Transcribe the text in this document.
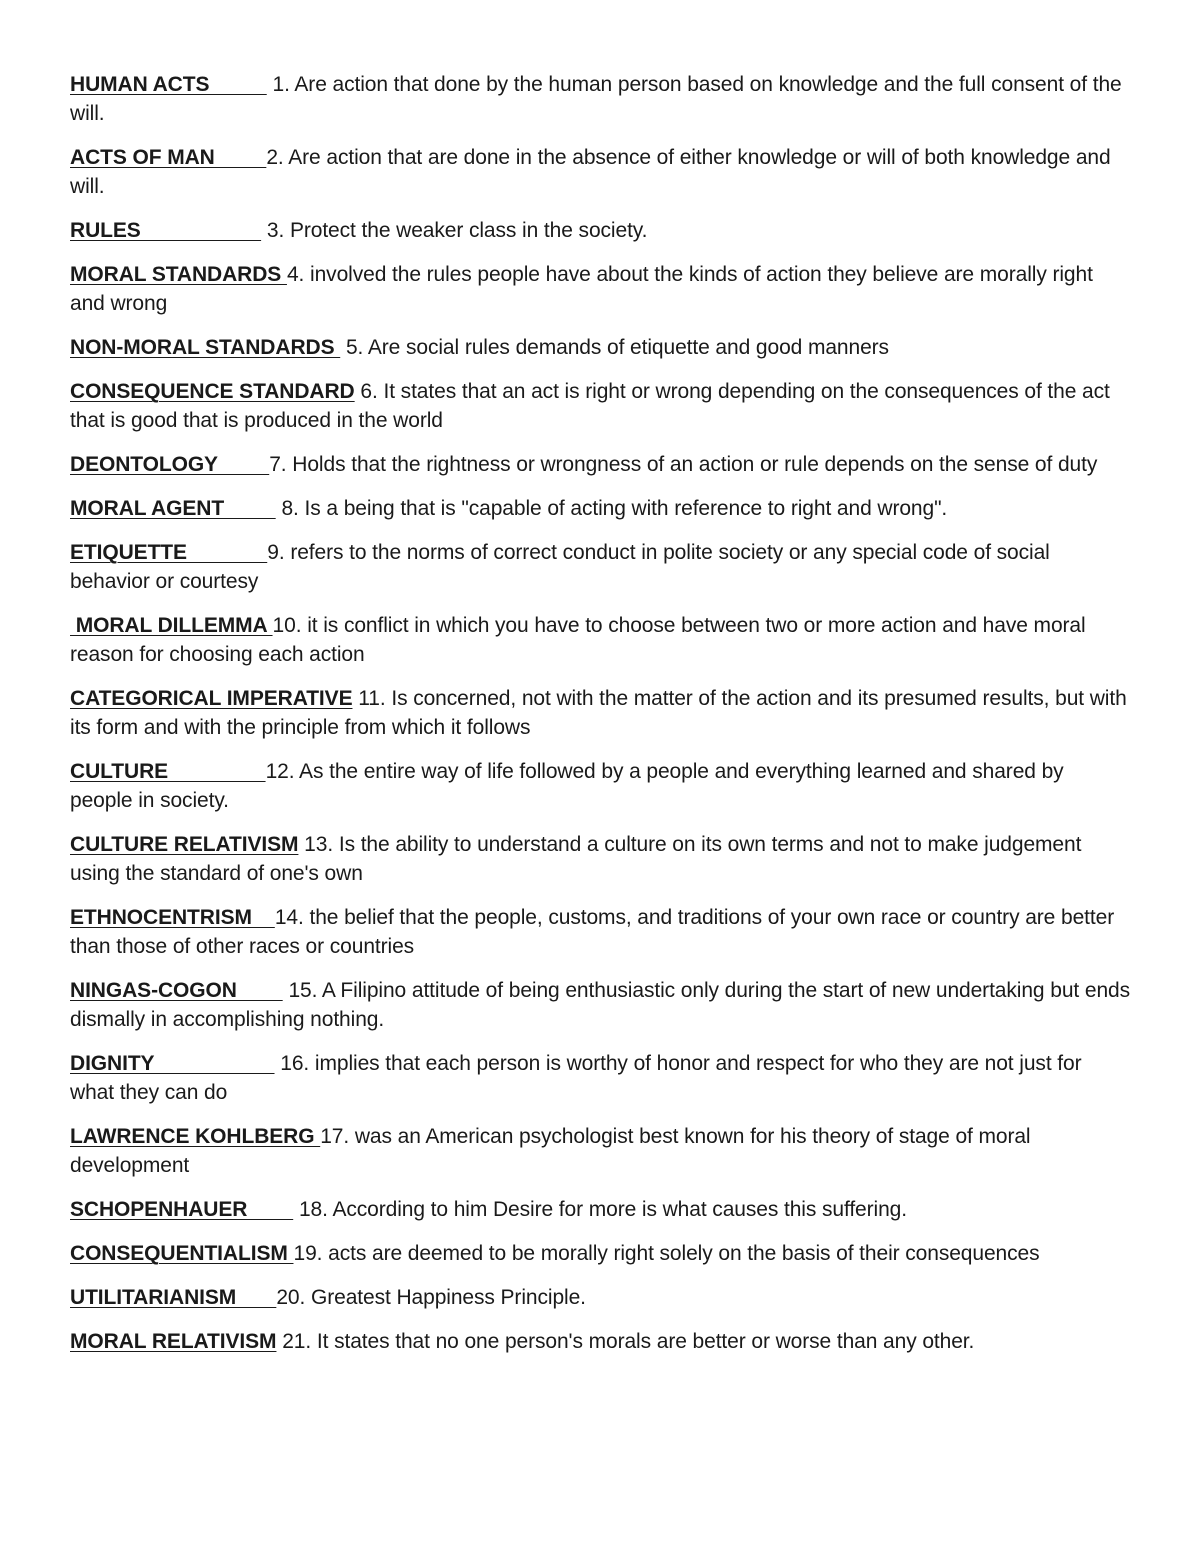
HUMAN ACTS           1. Are action that done by the human person based on knowledge and the full consent of the will.

ACTS OF MAN         2. Are action that are done in the absence of either knowledge or will of both knowledge and will.

RULES                      3. Protect the weaker class in the society.

MORAL STANDARDS 4. involved the rules people have about the kinds of action they believe are morally right and wrong

NON-MORAL STANDARDS  5. Are social rules demands of etiquette and good manners

CONSEQUENCE STANDARD 6. It states that an act is right or wrong depending on the consequences of the act that is good that is produced in the world

DEONTOLOGY         7. Holds that the rightness or wrongness of an action or rule depends on the sense of duty

MORAL AGENT          8. Is a being that is "capable of acting with reference to right and wrong".

ETIQUETTE              9. refers to the norms of correct conduct in polite society or any special code of social behavior or courtesy

MORAL DILLEMMA 10. it is conflict in which you have to choose between two or more action and have moral reason for choosing each action

CATEGORICAL IMPERATIVE 11. Is concerned, not with the matter of the action and its presumed results, but with its form and with the principle from which it follows

CULTURE                 12. As the entire way of life followed by a people and everything learned and shared by people in society.

CULTURE RELATIVISM 13. Is the ability to understand a culture on its own terms and not to make judgement using the standard of one's own

ETHNOCENTRISM    14. the belief that the people, customs, and traditions of your own race or country are better than those of other races or countries

NINGAS-COGON         15. A Filipino attitude of being enthusiastic only during the start of new undertaking but ends dismally in accomplishing nothing.

DIGNITY                      16. implies that each person is worthy of honor and respect for who they are not just for what they can do

LAWRENCE KOHLBERG 17. was an American psychologist best known for his theory of stage of moral development

SCHOPENHAUER         18. According to him Desire for more is what causes this suffering.

CONSEQUENTIALISM 19. acts are deemed to be morally right solely on the basis of their consequences

UTILITARIANISM       20. Greatest Happiness Principle.

MORAL RELATIVISM 21. It states that no one person's morals are better or worse than any other.
